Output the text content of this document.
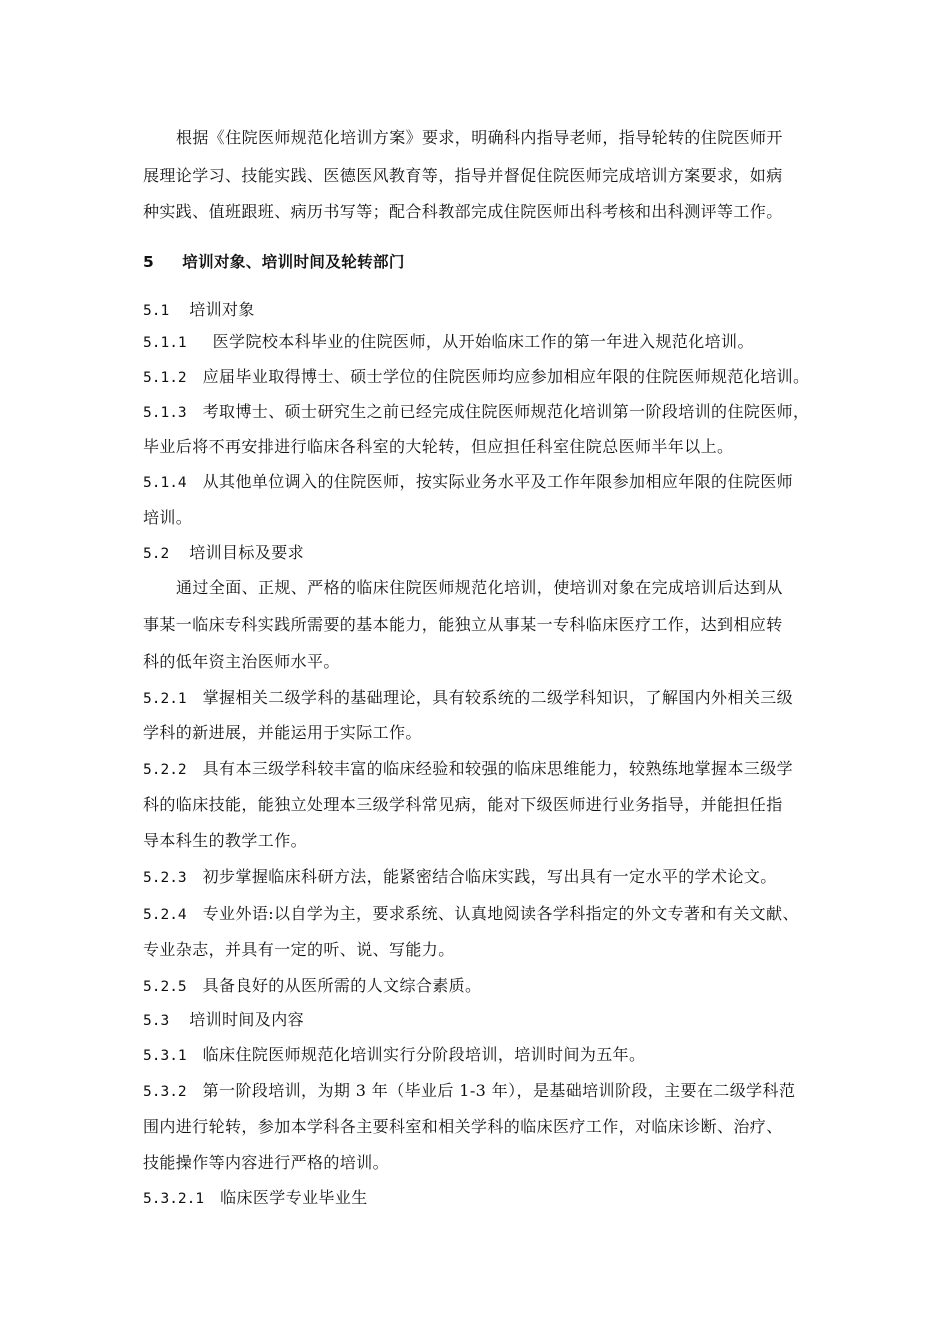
根据《住院医师规范化培训方案》要求，明确科内指导老师，指导轮转的住院医师开
展理论学习、技能实践、医德医风教育等，指导并督促住院医师完成培训方案要求，如病
种实践、值班跟班、病历书写等；配合科教部完成住院医师出科考核和出科测评等工作。
5 培训对象、培训时间及轮转部门
5.1 培训对象
5.1.1 医学院校本科毕业的住院医师，从开始临床工作的第一年进入规范化培训。
5.1.2 应届毕业取得博士、硕士学位的住院医师均应参加相应年限的住院医师规范化培训。
5.1.3 考取博士、硕士研究生之前已经完成住院医师规范化培训第一阶段培训的住院医师，
毕业后将不再安排进行临床各科室的大轮转，但应担任科室住院总医师半年以上。
5.1.4 从其他单位调入的住院医师，按实际业务水平及工作年限参加相应年限的住院医师
培训。
5.2 培训目标及要求
通过全面、正规、严格的临床住院医师规范化培训，使培训对象在完成培训后达到从
事某一临床专科实践所需要的基本能力，能独立从事某一专科临床医疗工作，达到相应转
科的低年资主治医师水平。
5.2.1 掌握相关二级学科的基础理论，具有较系统的二级学科知识，了解国内外相关三级
学科的新进展，并能运用于实际工作。
5.2.2 具有本三级学科较丰富的临床经验和较强的临床思维能力，较熟练地掌握本三级学
科的临床技能，能独立处理本三级学科常见病，能对下级医师进行业务指导，并能担任指
导本科生的教学工作。
5.2.3 初步掌握临床科研方法，能紧密结合临床实践，写出具有一定水平的学术论文。
5.2.4 专业外语:以自学为主，要求系统、认真地阅读各学科指定的外文专著和有关文献、
专业杂志，并具有一定的听、说、写能力。
5.2.5 具备良好的从医所需的人文综合素质。
5.3 培训时间及内容
5.3.1 临床住院医师规范化培训实行分阶段培训，培训时间为五年。
5.3.2 第一阶段培训，为期 3 年（毕业后 1-3 年），是基础培训阶段，主要在二级学科范
围内进行轮转，参加本学科各主要科室和相关学科的临床医疗工作，对临床诊断、治疗、
技能操作等内容进行严格的培训。
5.3.2.1 临床医学专业毕业生
